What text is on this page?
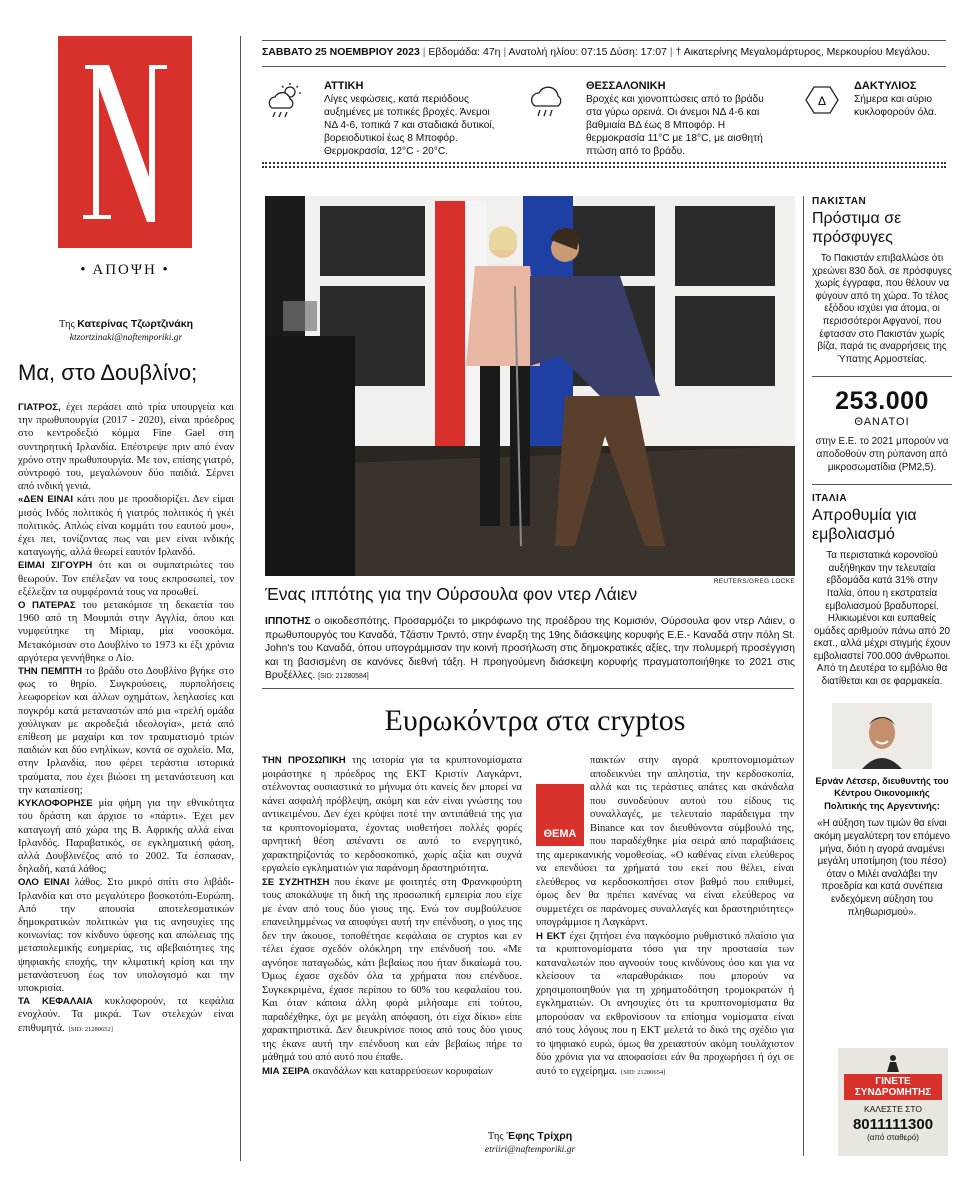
• ΑΠΟΨΗ •
Της Κατερίνας Τζωρτζινάκη
ktzortzinaki@naftemporiki.gr
Μα, στο Δουβλίνο;

ΓΙΑΤΡΟΣ, έχει περάσει από τρία υπουργεία και την πρωθυπουργία (2017 - 2020), είναι πρόεδρος στο κεντροδεξιό κόμμα Fine Gael στη συντηρητική Ιρλανδία. Επέστρεψε πριν από έναν χρόνο στην πρωθυπουργία. Με τον, επίσης γιατρό, σύντροφό του, μεγαλώνουν δύο παιδιά. Σέρνει από ινδική γενιά.

«ΔΕΝ ΕΙΝΑΙ κάτι που με προσδιορίζει. Δεν είμαι μισός Ινδός πολιτικός ή γιατρός πολιτικός ή γκέι πολιτικός. Απλώς είναι κομμάτι του εαυτού μου», έχει πει, τονίζοντας πως ναι μεν είναι ινδικής καταγωγής, αλλά θεωρεί εαυτόν Ιρλανδό.

ΕΙΜΑΙ ΣΙΓΟΥΡΗ ότι και οι συμπατριώτες του θεωρούν. Τον επέλεξαν να τους εκπροσωπεί, τον εξέλεξαν τα συμφέροντά τους να προωθεί.

Ο ΠΑΤΕΡΑΣ του μετακόμισε τη δεκαετία του 1960 από τη Μουμπάι στην Αγγλία, όπου και νυμφεύτηκε τη Μίριαμ, μία νοσοκόμα. Μετακόμισαν στο Δουβλίνο το 1973 κι έξι χρόνια αργότερα γεννήθηκε ο Λίο.

ΤΗΝ ΠΕΜΠΤΗ το βράδυ στο Δουβλίνο βγήκε στο φως το θηρίο. Συγκρούσεις, πυρπολήσεις λεωφορείων και άλλων οχημάτων, λεηλασίες και πογκρόμ κατά μεταναστών από μια «τρελή ομάδα χούλιγκαν με ακροδεξιά ιδεολογία», μετά από επίθεση με μαχαίρι και τον τραυματισμό τριών παιδιών και δύο ενηλίκων, κοντά σε σχολείο. Μα, στην Ιρλανδία, που φέρει τεράστια ιστορικά τραύματα, που έχει βιώσει τη μετανάστευση και την καταπίεση;

ΚΥΚΛΟΦΟΡΗΣΕ μία φήμη για την εθνικότητα του δράστη και άρχισε το «πάρτι». Έχει μεν καταγωγή από χώρα της Β. Αφρικής αλλά είναι Ιρλανδός. Παραβατικός, σε εγκληματική φάση, αλλά Δουβλινέζος από το 2002. Τα έσπασαν, δηλαδή, κατά λάθος;

ΟΛΟ ΕΙΝΑΙ λάθος. Στο μικρό σπίτι στο λιβάδι-Ιρλανδία και στο μεγαλύτερο βοσκοτόπι-Ευρώπη. Από την απουσία αποτελεσματικών δημοκρατικών πολιτικών για τις ανησυχίες της κοινωνίας: τον κίνδυνο ύφεσης και απώλειας της μεταπολεμικής ευημερίας, τις αβεβαιότητες της ψηφιακής εποχής, την κλιματική κρίση και την μετανάστευση έως τον υπολογισμό και την υποκρισία.

ΤΑ ΚΕΦΑΛΑΙΑ κυκλοφορούν, τα κεφάλια ενοχλούν. Τα μικρά. Των στελεχών είναι επιθυμητά. [SID: 21280652]

ΣΑΒΒΑΤΟ 25 ΝΟΕΜΒΡΙΟΥ 2023 | Εβδομάδα: 47η | Ανατολή ηλίου: 07:15 Δύση: 17:07 | † Αικατερίνης Μεγαλομάρτυρος, Μερκουρίου Μεγάλου.
ΑΤΤΙΚΗ
Λίγες νεφώσεις, κατά περιόδους αυξημένες με τοπικές βροχές. Άνεμοι ΝΔ 4-6, τοπικά 7 και σταδιακά δυτικοί, βορειοδυτικοί έως 8 Μποφόρ. Θερμοκρασία, 12°C - 20°C.
ΘΕΣΣΑΛΟΝΙΚΗ
Βροχές και χιονοπτώσεις από το βράδυ στα γύρω ορεινά. Οι άνεμοι ΝΔ 4-6 και βαθμιαία ΒΔ έως 8 Μποφόρ. Η θερμοκρασία 11°C με 18°C, με αισθητή πτώση από το βράδυ.
Δ
ΔΑΚΤΥΛΙΟΣ
Σήμερα και αύριο κυκλοφορούν όλα.
REUTERS/GREG LOCKE
Ένας ιππότης για την Ούρσουλα φον ντερ Λάιεν
ΙΠΠΟΤΗΣ ο οικοδεσπότης. Προσαρμόζει το μικρόφωνο της προέδρου της Κομισιόν, Ούρσουλα φον ντερ Λάιεν, ο πρωθυπουργός του Καναδά, Τζάστιν Τριντό, στην έναρξη της 19ης διάσκεψης κορυφής Ε.Ε.- Καναδά στην πόλη St. John's του Καναδά, όπου υπογράμμισαν την κοινή προσήλωση στις δημοκρατικές αξίες, την πολυμερή προσέγγιση και τη βασισμένη σε κανόνες διεθνή τάξη. Η προηγούμενη διάσκεψη κορυφής πραγματοποιήθηκε το 2021 στις Βρυξέλλες. [SID: 21280584]
ΠΑΚΙΣΤΑΝ
Πρόστιμα σε πρόσφυγες
Το Πακιστάν επιβαλλώσε ότι χρεώνει 830 δολ. σε πρόσφυγες χωρίς έγγραφα, που θέλουν να φύγουν από τη χώρα. Το τέλος εξόδου ισχύει για άτομα, οι περισσότεροι Αφγανοί, που έφτασαν στο Πακιστάν χωρίς βίζα, παρά τις αναρρήσεις της Ύπατης Αρμοστείας.
253.000
ΘΑΝΑΤΟΙ
στην Ε.Ε. το 2021 μπορούν να αποδοθούν στη ρύπανση από μικροσωματίδια (PM2,5).
ΙΤΑΛΙΑ
Απροθυμία για εμβολιασμό
Τα περιστατικά κορονοϊού αυξήθηκαν την τελευταία εβδομάδα κατά 31% στην Ιταλία, όπου η εκστρατεία εμβολιασμού βραδυπορεί. Ηλικιωμένοι και ευπαθείς ομάδες αριθμούν πάνω από 20 εκατ., αλλά μέχρι στιγμής έχουν εμβολιαστεί 700.000 άνθρωποι. Από τη Δευτέρα το εμβόλιο θα διατίθεται και σε φαρμακεία.
Ερνάν Λέτσερ, διευθυντής του Κέντρου Οικονομικής Πολιτικής της Αργεντινής:
«Η αύξηση των τιμών θα είναι ακόμη μεγαλύτερη τον επόμενο μήνα, διότι η αγορά αναμένει μεγάλη υποτίμηση (του πέσο) όταν ο Μιλέι αναλάβει την προεδρία και κατά συνέπεια ενδεχόμενη αύξηση του πληθωρισμού».
ΓΙΝΕΤΕ
ΣΥΝΔΡΟΜΗΤΗΣ
ΚΑΛΕΣΤΕ ΣΤΟ
8011111300
(από σταθερό)
Ευρωκόντρα στα cryptos

ΤΗΝ ΠΡΟΣΩΠΙΚΗ της ιστορία για τα κρυπτονομίσματα μοιράστηκε η πρόεδρος της ΕΚΤ Κριστίν Λαγκάρντ, στέλνοντας ουσιαστικά το μήνυμα ότι κανείς δεν μπορεί να κάνει ασφαλή πρόβλεψη, ακόμη και εάν είναι γνώστης του αντικειμένου. Δεν έχει κρύψει ποτέ την αντιπάθειά της για τα κρυπτονομίσματα, έχοντας υιοθετήσει πολλές φορές αρνητική θέση απέναντι σε αυτό το ενεργητικό, χαρακτηρίζοντάς το κερδοσκοπικό, χωρίς αξία και συχνά εργαλείο εγκληματιών για παράνομη δραστηριότητα.

ΣΕ ΣΥΖΗΤΗΣΗ που έκανε με φοιτητές στη Φρανκφούρτη τους αποκάλυψε τη δική της προσωπική εμπειρία που είχε με έναν από τους δύο γιους της. Ενώ τον συμβούλευσε επανειλημμένως να αποφύγει αυτή την επένδυση, ο γιος της δεν την άκουσε, τοποθέτησε κεφάλαια σε cryptos και εν τέλει έχασε σχεδόν ολόκληρη την επένδυσή του. «Με αγνόησε παταγωδώς, κάτι βεβαίως που ήταν δικαίωμά του. Όμως έχασε σχεδόν όλα τα χρήματα που επένδυσε. Συγκεκριμένα, έχασε περίπου το 60% του κεφαλαίου του. Και όταν κάποια άλλη φορά μιλήσαμε επί τούτου, παραδέχθηκε, όχι με μεγάλη απόφαση, ότι είχα δίκιο» είπε χαρακτηριστικά. Δεν διευκρίνισε ποιος από τους δύο γιους της έκανε αυτή την επένδυση και εάν βεβαίως πήρε το μάθημά του από αυτό που έπαθε.

ΜΙΑ ΣΕΙΡΑ σκανδάλων και καταρρεύσεων κορυφαίων

ΘΕΜΑ

παικτών στην αγορά κρυπτονομισμάτων αποδεικνύει την απληστία, την κερδοσκοπία, αλλά και τις τεράστιες απάτες και σκάνδαλα που συνοδεύουν αυτού του είδους τις συναλλαγές, με τελευταίο παράδειγμα την Binance και τον διευθύνοντα σύμβουλό της, που παραδέχθηκε μία σειρά από παραβιάσεις της αμερικανικής νομοθεσίας. «Ο καθένας είναι ελεύθερος να επενδύσει τα χρήματά του εκεί που θέλει, είναι ελεύθερος να κερδοσκοπήσει στον βαθμό που επιθυμεί, όμως δεν θα πρέπει κανένας να είναι ελεύθερος να συμμετέχει σε παράνομες συναλλαγές και δραστηριότητες» υπογράμμισε η Λαγκάρντ.

Η ΕΚΤ έχει ζητήσει ένα παγκόσμιο ρυθμιστικό πλαίσιο για τα κρυπτονομίσματα τόσο για την προστασία των καταναλωτών που αγνοούν τους κινδύνους όσο και για να κλείσουν τα «παραθυράκια» που μπορούν να χρησιμοποιηθούν για τη χρηματοδότηση τρομοκρατών ή εγκληματιών. Οι ανησυχίες ότι τα κρυπτονομίσματα θα μπορούσαν να εκθρονίσουν τα επίσημα νομίσματα είναι από τους λόγους που η ΕΚΤ μελετά το δικό της σχέδιο για το ψηφιακό ευρώ, όμως θα χρειαστούν ακόμη τουλάχιστον δύο χρόνια για να αποφασίσει εάν θα προχωρήσει ή όχι σε αυτό το εγχείρημα. [SID: 21280654]

Της Έφης Τρίχρη
etriiri@naftemporiki.gr
